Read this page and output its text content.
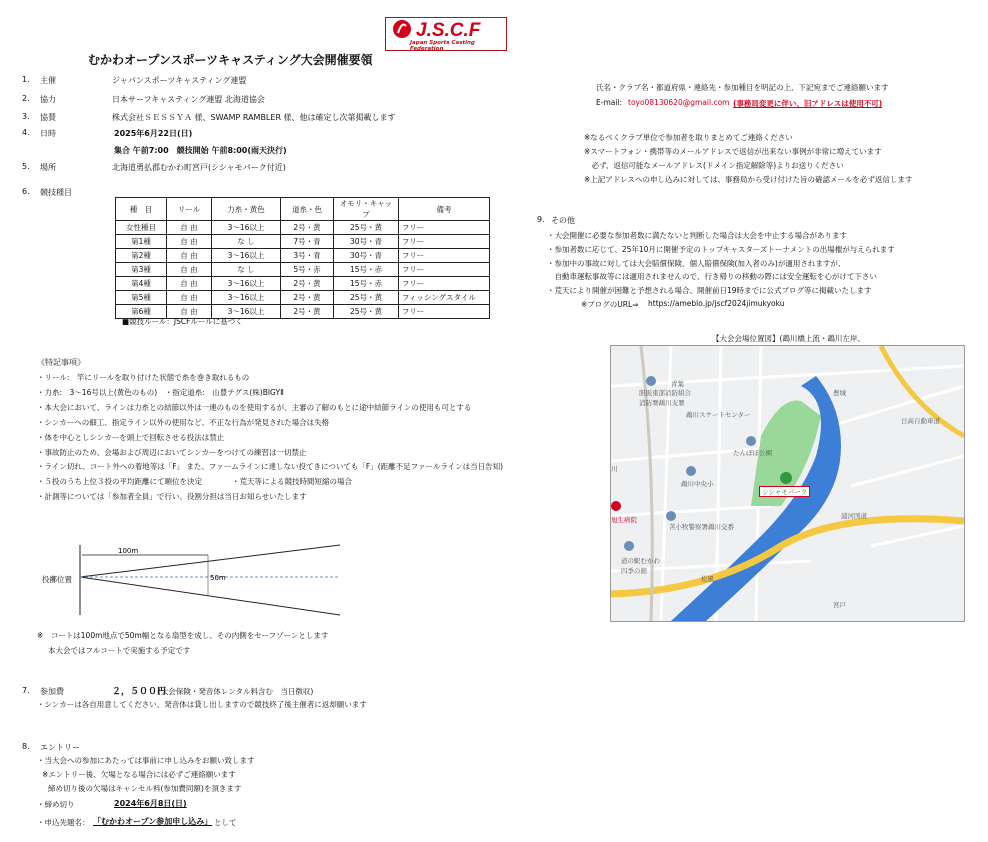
J.S.C.F
Japan Sports Casting Federation
むかわオープンスポーツキャスティング大会開催要領
1. 主催	ジャパンスポーツキャスティング連盟
2. 協力	日本サーフキャスティング連盟 北海道協会
3. 協賛	株式会社ＳＥＳＳＹＡ 様、SWAMP RAMBLER 様、他は確定し次第掲載します
4. 日時	2025年6月22日(日)
集合 午前7:00　競技開始 午前8:00(雨天決行)
5. 場所	北海道勇払郡むかわ町宮戸(シシャモパーク付近)
6. 競技種目
種　目	リール	力糸・黄色	道糸・色	オモリ・キャップ	備考
女性種目	自 由	3～16以上	2号・黄	25号・黄	フリー
第1種	自 由	な し	7号・青	30号・青	フリー
第2種	自 由	3～16以上	3号・青	30号・青	フリー
第3種	自 由	な し	5号・赤	15号・赤	フリー
第4種	自 由	3～16以上	2号・黄	15号・赤	フリー
第5種	自 由	3～16以上	2号・黄	25号・黄	フィッシングスタイル
第6種	自 由	3～16以上	2号・黄	25号・黄	フリー
■競技ルール：JSCFルールに基づく
《特記事項》
・リール:　竿にリールを取り付けた状態で糸を巻き取れるもの
・力糸:　3～16号以上(黄色のもの)　・指定道糸:　山豊テグス(株)BIGYⅡ
・本大会において、ラインは力糸との結節以外は一連のものを使用するが、主審の了解のもとに途中結節ラインの使用も可とする
・シンカーへの細工、指定ライン以外の使用など、不正な行為が発見された場合は失格
・体を中心としシンカーを頭上で回転させる投法は禁止
・事故防止のため、会場および周辺においてシンカーをつけての練習は一切禁止
・ライン切れ、コート外への着地等は「F」 また、ファームラインに達しない投てきについても「F」(距離不足ファールラインは当日告知)
・５投のうち上位３投の平均距離にて順位を決定　　　　・荒天等による競技時間短縮の場合
・計測等については「参加者全員」で行い、役割分担は当日お知らせいたします
100m
50m
投擲位置
※　コートは100m地点で50m幅となる扇型を成し、その内側をセーフゾーンとします
本大会ではフルコートで実施する予定です
7. 参加費	２，５００円
(大会保険・発音体レンタル料含む　当日徴収)
・シンカーは各自用意してください、発音体は貸し出しますので競技終了後主催者に返却願います
8. エントリー
・当大会への参加にあたっては事前に申し込みをお願い致します
※エントリー後、欠場となる場合には必ずご連絡願います
締め切り後の欠場はキャンセル料(参加費同額)を頂きます
・締め切り	2024年6月8日(日)
・申込先題名： 「むかわオープン参加申し込み」 として
氏名・クラブ名・都道府県・連絡先・参加種目を明記の上、下記宛までご連絡願います
E-mail: toyo08130620@gmail.com (事務局変更に伴い、旧アドレスは使用不可)
※なるべくクラブ単位で参加者を取りまとめてご連絡ください
※スマートフォン・携帯等のメールアドレスで返信が出来ない事例が非常に増えています
　必ず、返信可能なメールアドレス(ドメイン指定解除等)よりお送りください
※上記アドレスへの申し込みに対しては、事務局から受け付けた旨の確認メールを必ず返信します
9. その他
・大会開催に必要な参加者数に満たないと判断した場合は大会を中止する場合があります
・参加者数に応じて、25年10月に開催予定のトップキャスターズトーナメントの出場権が与えられます
・参加中の事故に対しては大会賠償保険、個人賠償保険(加入者のみ)が適用されますが、
　自動車運転事故等には適用されませんので、行き帰りの移動の際には安全運転を心がけて下さい
・荒天により開催が困難と予想される場合、開催前日19時までに公式ブログ等に掲載いたします
※ブログのURL⇒ https://ameblo.jp/jscf2024jimukyoku
【大会会場位置図】(鵡川橋上流・鵡川左岸、
胆振東部消防組合
消防署鵡川支署
鵡川スケートセンター
たんぽぽ公園
シシャモパーク
鵡川中央小
苫小牧警察署鵡川交番
道の駅むかわ
四季の館
旭生病院
青葉
豊城
松風
宮戸
日高自動車道
浦河国道
川
